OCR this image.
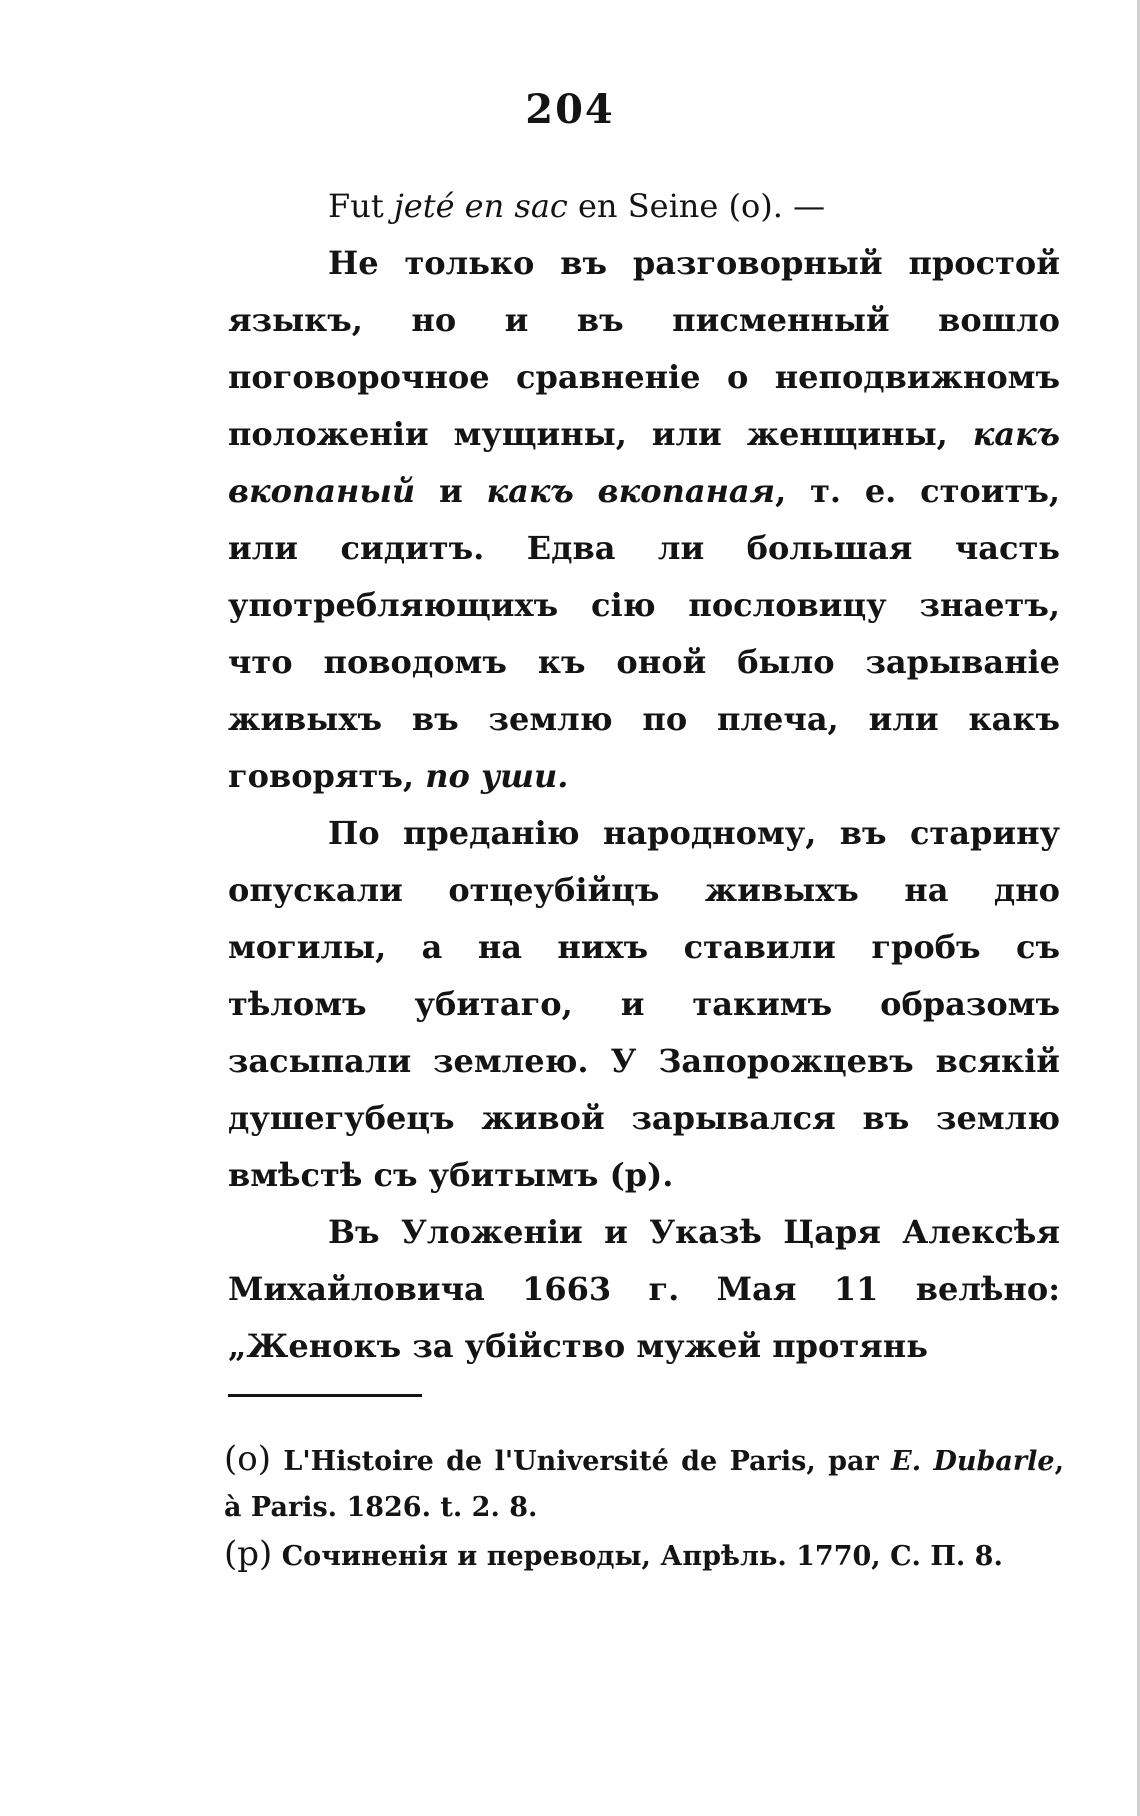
204

Fut jeté en sac en Seine (o). —

Не только въ разговорный простой языкъ, но и въ писменный вошло поговорочное сравненіе о неподвижномъ положеніи мущины, или женщины, какъ вкопаный и какъ вкопаная, т. е. стоитъ, или сидитъ. Едва ли большая часть употребляющихъ сію пословицу знаетъ, что поводомъ къ оной было зарываніе живыхъ въ землю по плеча, или какъ говорятъ, по уши.

По преданію народному, въ старину опускали отцеубійцъ живыхъ на дно могилы, а на нихъ ставили гробъ съ тѣломъ убитаго, и такимъ образомъ засыпали землею. У Запорожцевъ всякій душегубецъ живой зарывался въ землю вмѣстѣ съ убитымъ (р).

Въ Уложеніи и Указѣ Царя Алексѣя Михайловича 1663 г. Мая 11 велѣно: „Женокъ за убійство мужей протянь

(o) L'Histoire de l'Université de Paris, par E. Dubarle, à Paris. 1826. t. 2. 8.

(p) Сочиненія и переводы, Апрѣль. 1770, С. П. 8.
